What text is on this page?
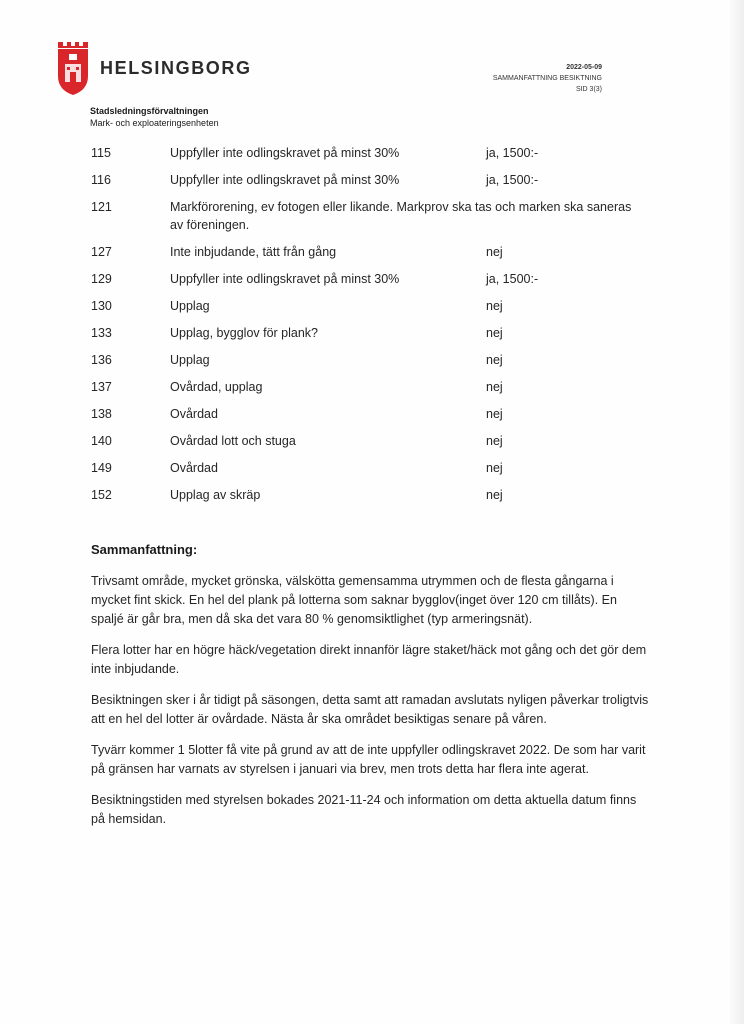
HELSINGBORG	2022-05-09
SAMMANFATTNING BESIKTNING
SID 3(3)
Stadsledningsförvaltningen
Mark- och exploateringsenheten
115	Uppfyller inte odlingskravet på minst 30%	ja, 1500:-
116	Uppfyller inte odlingskravet på minst 30%	ja, 1500:-
121	Markförorening, ev fotogen eller likande. Markprov ska tas och marken ska saneras av föreningen.
127	Inte inbjudande, tätt från gång	nej
129	Uppfyller inte odlingskravet på minst 30%	ja, 1500:-
130	Upplag	nej
133	Upplag, bygglov för plank?	nej
136	Upplag	nej
137	Ovårdad, upplag	nej
138	Ovårdad	nej
140	Ovårdad lott och stuga	nej
149	Ovårdad	nej
152	Upplag av skräp	nej
Sammanfattning:

Trivsamt område, mycket grönska, välskötta gemensamma utrymmen och de flesta gångarna i mycket fint skick. En hel del plank på lotterna som saknar bygglov(inget över 120 cm tillåts). En spaljé är går bra, men då ska det vara 80 % genomsiktlighet (typ armeringsnät).

Flera lotter har en högre häck/vegetation direkt innanför lägre staket/häck mot gång och det gör dem inte inbjudande.

Besiktningen sker i år tidigt på säsongen, detta samt att ramadan avslutats nyligen påverkar troligtvis att en hel del lotter är ovårdade. Nästa år ska området besiktigas senare på våren.

Tyvärr kommer 1 5lotter få vite på grund av att de inte uppfyller odlingskravet 2022. De som har varit på gränsen har varnats av styrelsen i januari via brev, men trots detta har flera inte agerat.

Besiktningstiden med styrelsen bokades 2021-11-24 och information om detta aktuella datum finns på hemsidan.
